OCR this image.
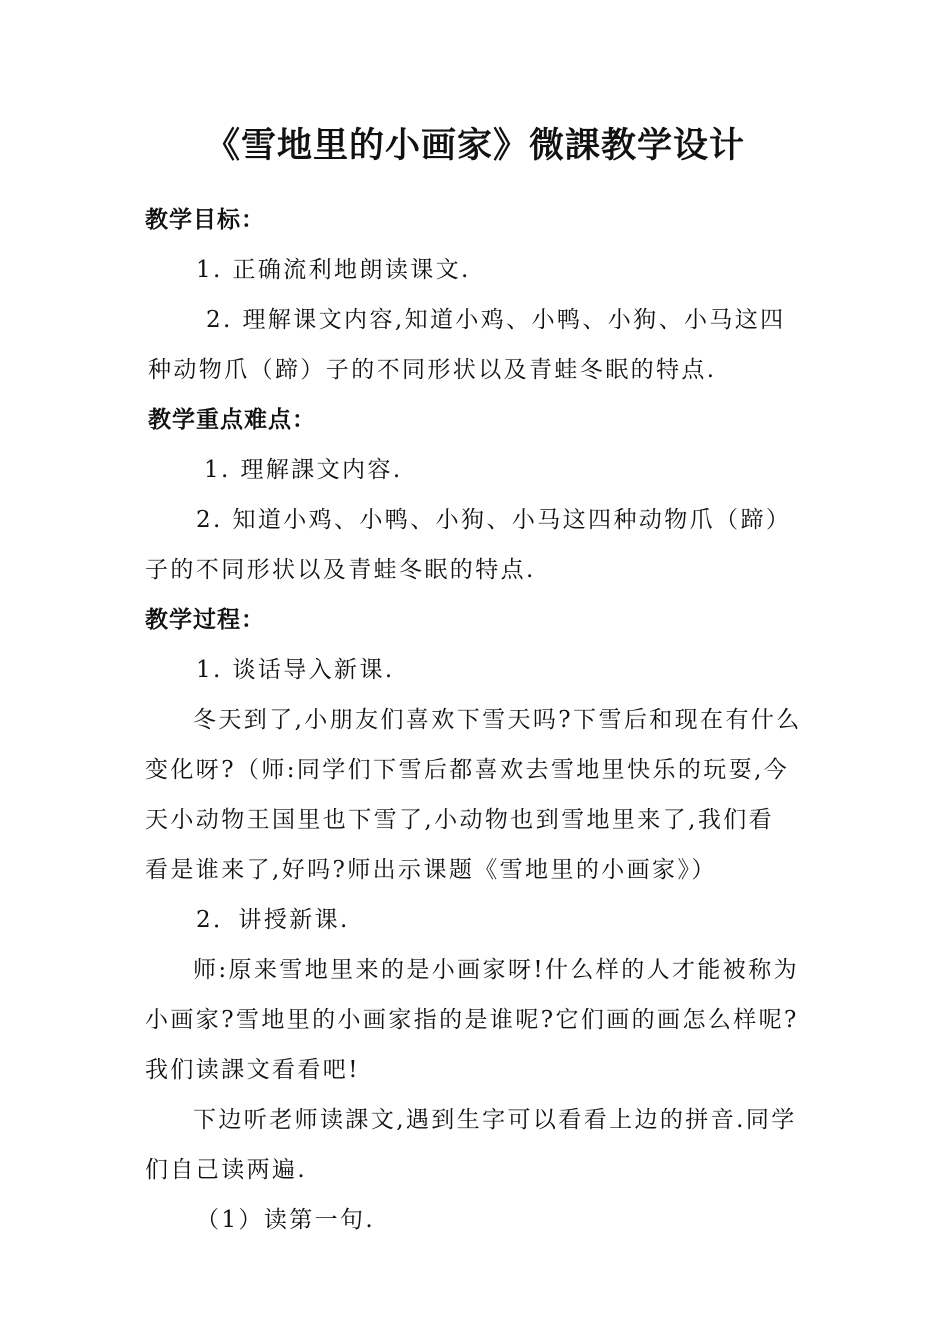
《雪地里的小画家》微課教学设计
教学目标：
1. 正确流利地朗读课文.
2. 理解课文内容,知道小鸡、小鸭、小狗、小马这四
种动物爪（蹄）子的不同形状以及青蛙冬眠的特点.
教学重点难点：
1. 理解課文内容.
2. 知道小鸡、小鸭、小狗、小马这四种动物爪（蹄）
子的不同形状以及青蛙冬眠的特点.
教学过程：
1. 谈话导入新课.
冬天到了,小朋友们喜欢下雪天吗?下雪后和现在有什么
变化呀?（师:同学们下雪后都喜欢去雪地里快乐的玩耍,今
天小动物王国里也下雪了,小动物也到雪地里来了,我们看
看是谁来了,好吗?师出示课题《雪地里的小画家》）
2．讲授新课.
师:原来雪地里来的是小画家呀!什么样的人才能被称为
小画家?雪地里的小画家指的是谁呢?它们画的画怎么样呢?
我们读課文看看吧!
下边听老师读課文,遇到生字可以看看上边的拼音.同学
们自己读两遍.
（1）读第一句.
